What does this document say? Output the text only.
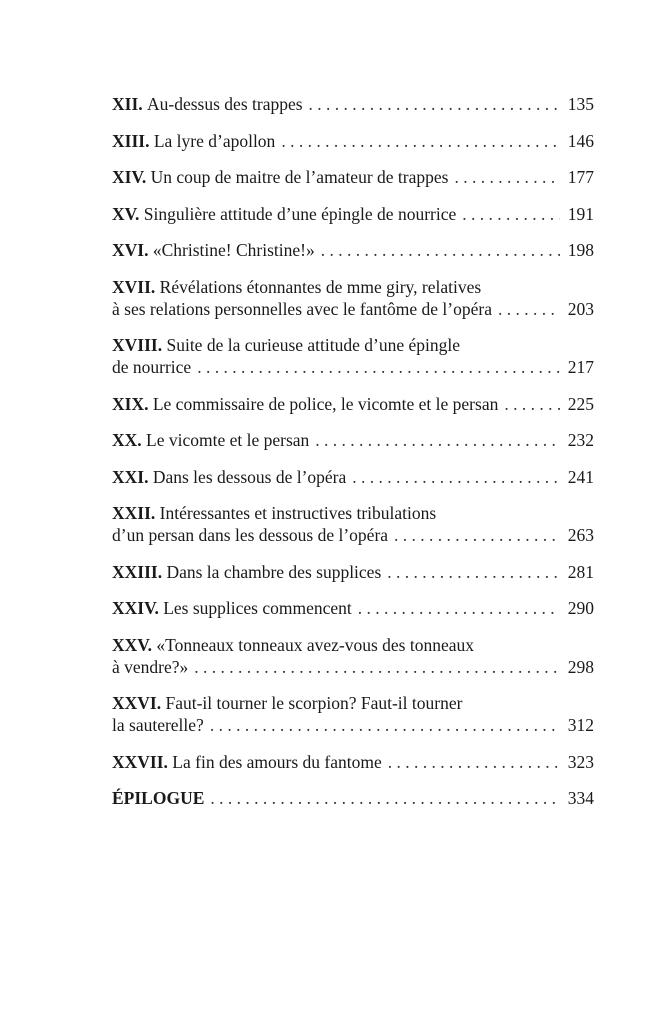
XII.
Au-dessus des trappes . . .	135
XIII.
La lyre d’apollon . . .	146
XIV.
Un coup de maitre de l’amateur de trappes . . .	177
XV.
Singulière attitude d’une épingle de nourrice . . .	191
XVI.
«Christine! Christine!» . . .	198
XVII. Révélations étonnantes de mme giry, relatives
à ses relations personnelles avec le fantôme de l’opéra . . .	203
XVIII. Suite de la curieuse attitude d’une épingle
de nourrice . . .	217
XIX.
Le commissaire de police, le vicomte et le persan . . .	225
XX.
Le vicomte et le persan . . .	232
XXI.
Dans les dessous de l’opéra . . .	241
XXII. Intéressantes et instructives tribulations
d’un persan dans les dessous de l’opéra . . .	263
XXIII.
Dans la chambre des supplices . . .	281
XXIV.
Les supplices commencent . . .	290
XXV. «Tonneaux tonneaux avez-vous des tonneaux
à vendre?» . . .	298
XXVI. Faut-il tourner le scorpion? Faut-il tourner
la sauterelle? . . .	312
XXVII.
La fin des amours du fantome . . .	323
ÉPILOGUE . . .	334
